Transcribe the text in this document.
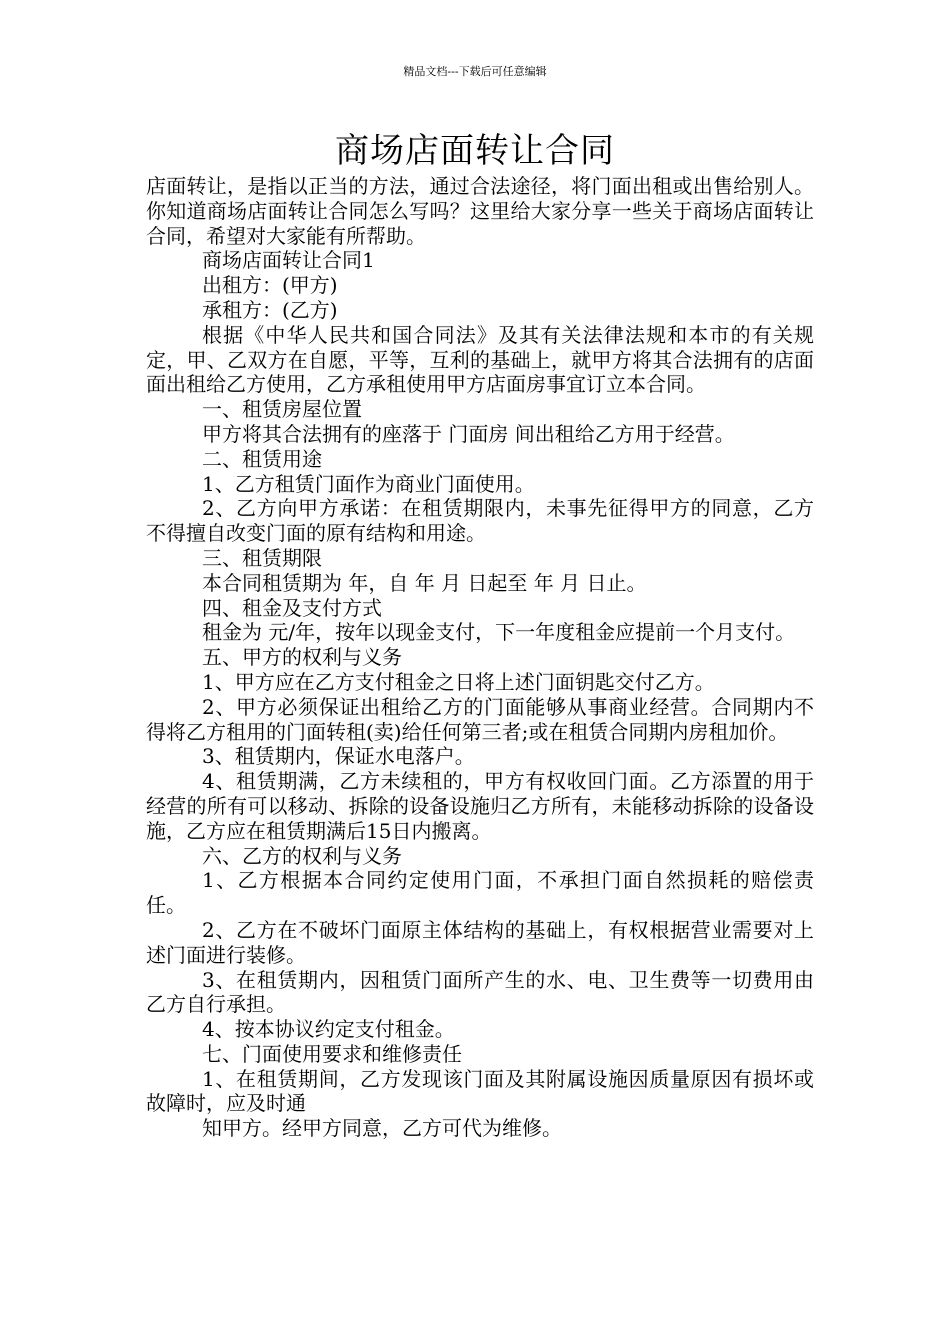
精品文档---下载后可任意编辑
商场店面转让合同

店面转让，是指以正当的方法，通过合法途径，将门面出租或出售给别人。你知道商场店面转让合同怎么写吗？这里给大家分享一些关于商场店面转让合同，希望对大家能有所帮助。

商场店面转让合同1

出租方：(甲方)

承租方：(乙方)

根据《中华人民共和国合同法》及其有关法律法规和本市的有关规定，甲、乙双方在自愿，平等，互利的基础上，就甲方将其合法拥有的店面面出租给乙方使用，乙方承租使用甲方店面房事宜订立本合同。

一、租赁房屋位置

甲方将其合法拥有的座落于 门面房 间出租给乙方用于经营。

二、租赁用途

1、乙方租赁门面作为商业门面使用。

2、乙方向甲方承诺：在租赁期限内，未事先征得甲方的同意，乙方不得擅自改变门面的原有结构和用途。

三、租赁期限

本合同租赁期为 年，自 年 月 日起至 年 月 日止。

四、租金及支付方式

租金为 元/年，按年以现金支付，下一年度租金应提前一个月支付。

五、甲方的权利与义务

1、甲方应在乙方支付租金之日将上述门面钥匙交付乙方。

2、甲方必须保证出租给乙方的门面能够从事商业经营。合同期内不得将乙方租用的门面转租(卖)给任何第三者;或在租赁合同期内房租加价。

3、租赁期内，保证水电落户。

4、租赁期满，乙方未续租的，甲方有权收回门面。乙方添置的用于经营的所有可以移动、拆除的设备设施归乙方所有，未能移动拆除的设备设施，乙方应在租赁期满后15日内搬离。

六、乙方的权利与义务

1、乙方根据本合同约定使用门面，不承担门面自然损耗的赔偿责任。

2、乙方在不破坏门面原主体结构的基础上，有权根据营业需要对上述门面进行装修。

3、在租赁期内，因租赁门面所产生的水、电、卫生费等一切费用由乙方自行承担。

4、按本协议约定支付租金。

七、门面使用要求和维修责任

1、在租赁期间，乙方发现该门面及其附属设施因质量原因有损坏或故障时，应及时通

知甲方。经甲方同意，乙方可代为维修。
